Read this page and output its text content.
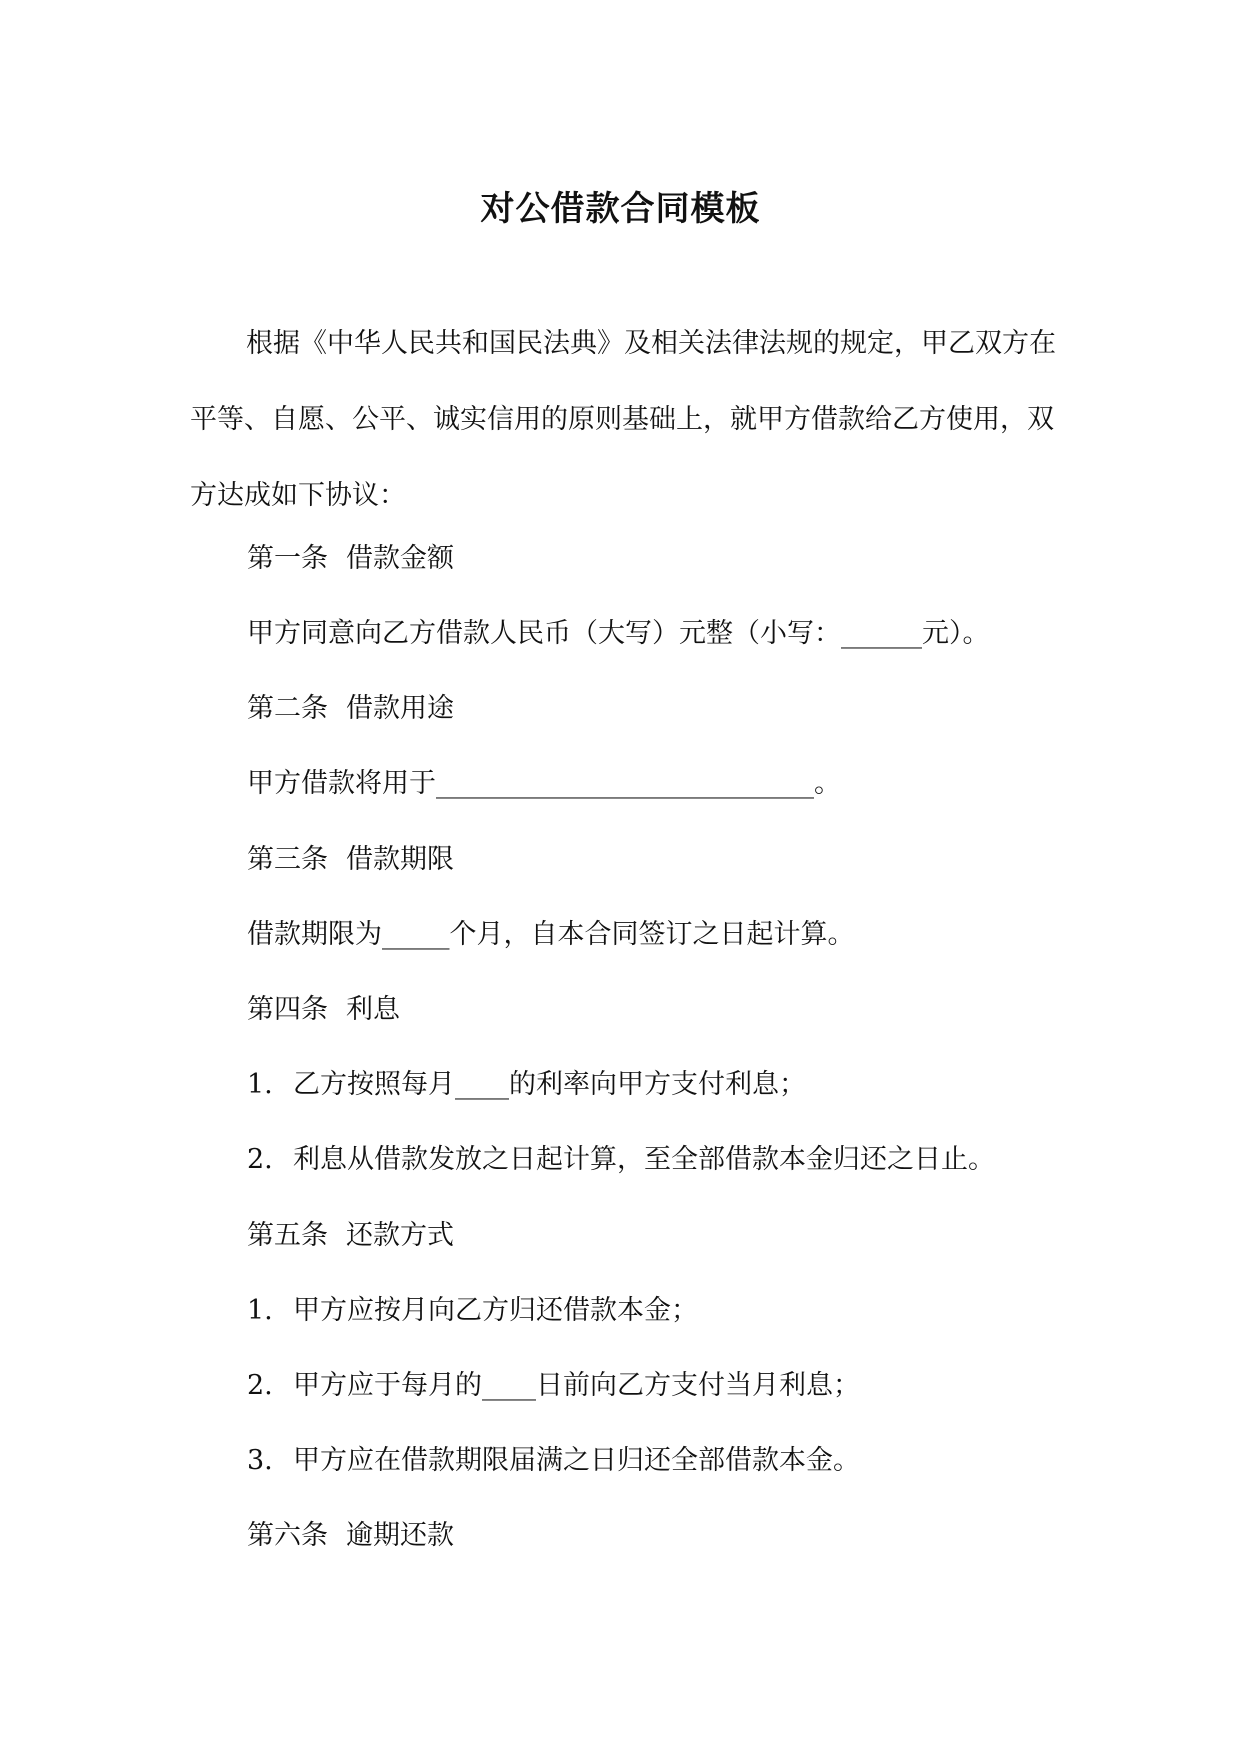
对公借款合同模板

根据《中华人民共和国民法典》及相关法律法规的规定，甲乙双方在平等、自愿、公平、诚实信用的原则基础上，就甲方借款给乙方使用，双方达成如下协议：

第一条 借款金额

甲方同意向乙方借款人民币（大写）元整（小写：______元）。

第二条 借款用途

甲方借款将用于____________________________。

第三条 借款期限

借款期限为_____个月，自本合同签订之日起计算。

第四条 利息

1. 乙方按照每月____的利率向甲方支付利息；

2. 利息从借款发放之日起计算，至全部借款本金归还之日止。

第五条 还款方式

1. 甲方应按月向乙方归还借款本金；

2. 甲方应于每月的____日前向乙方支付当月利息；

3. 甲方应在借款期限届满之日归还全部借款本金。

第六条 逾期还款
